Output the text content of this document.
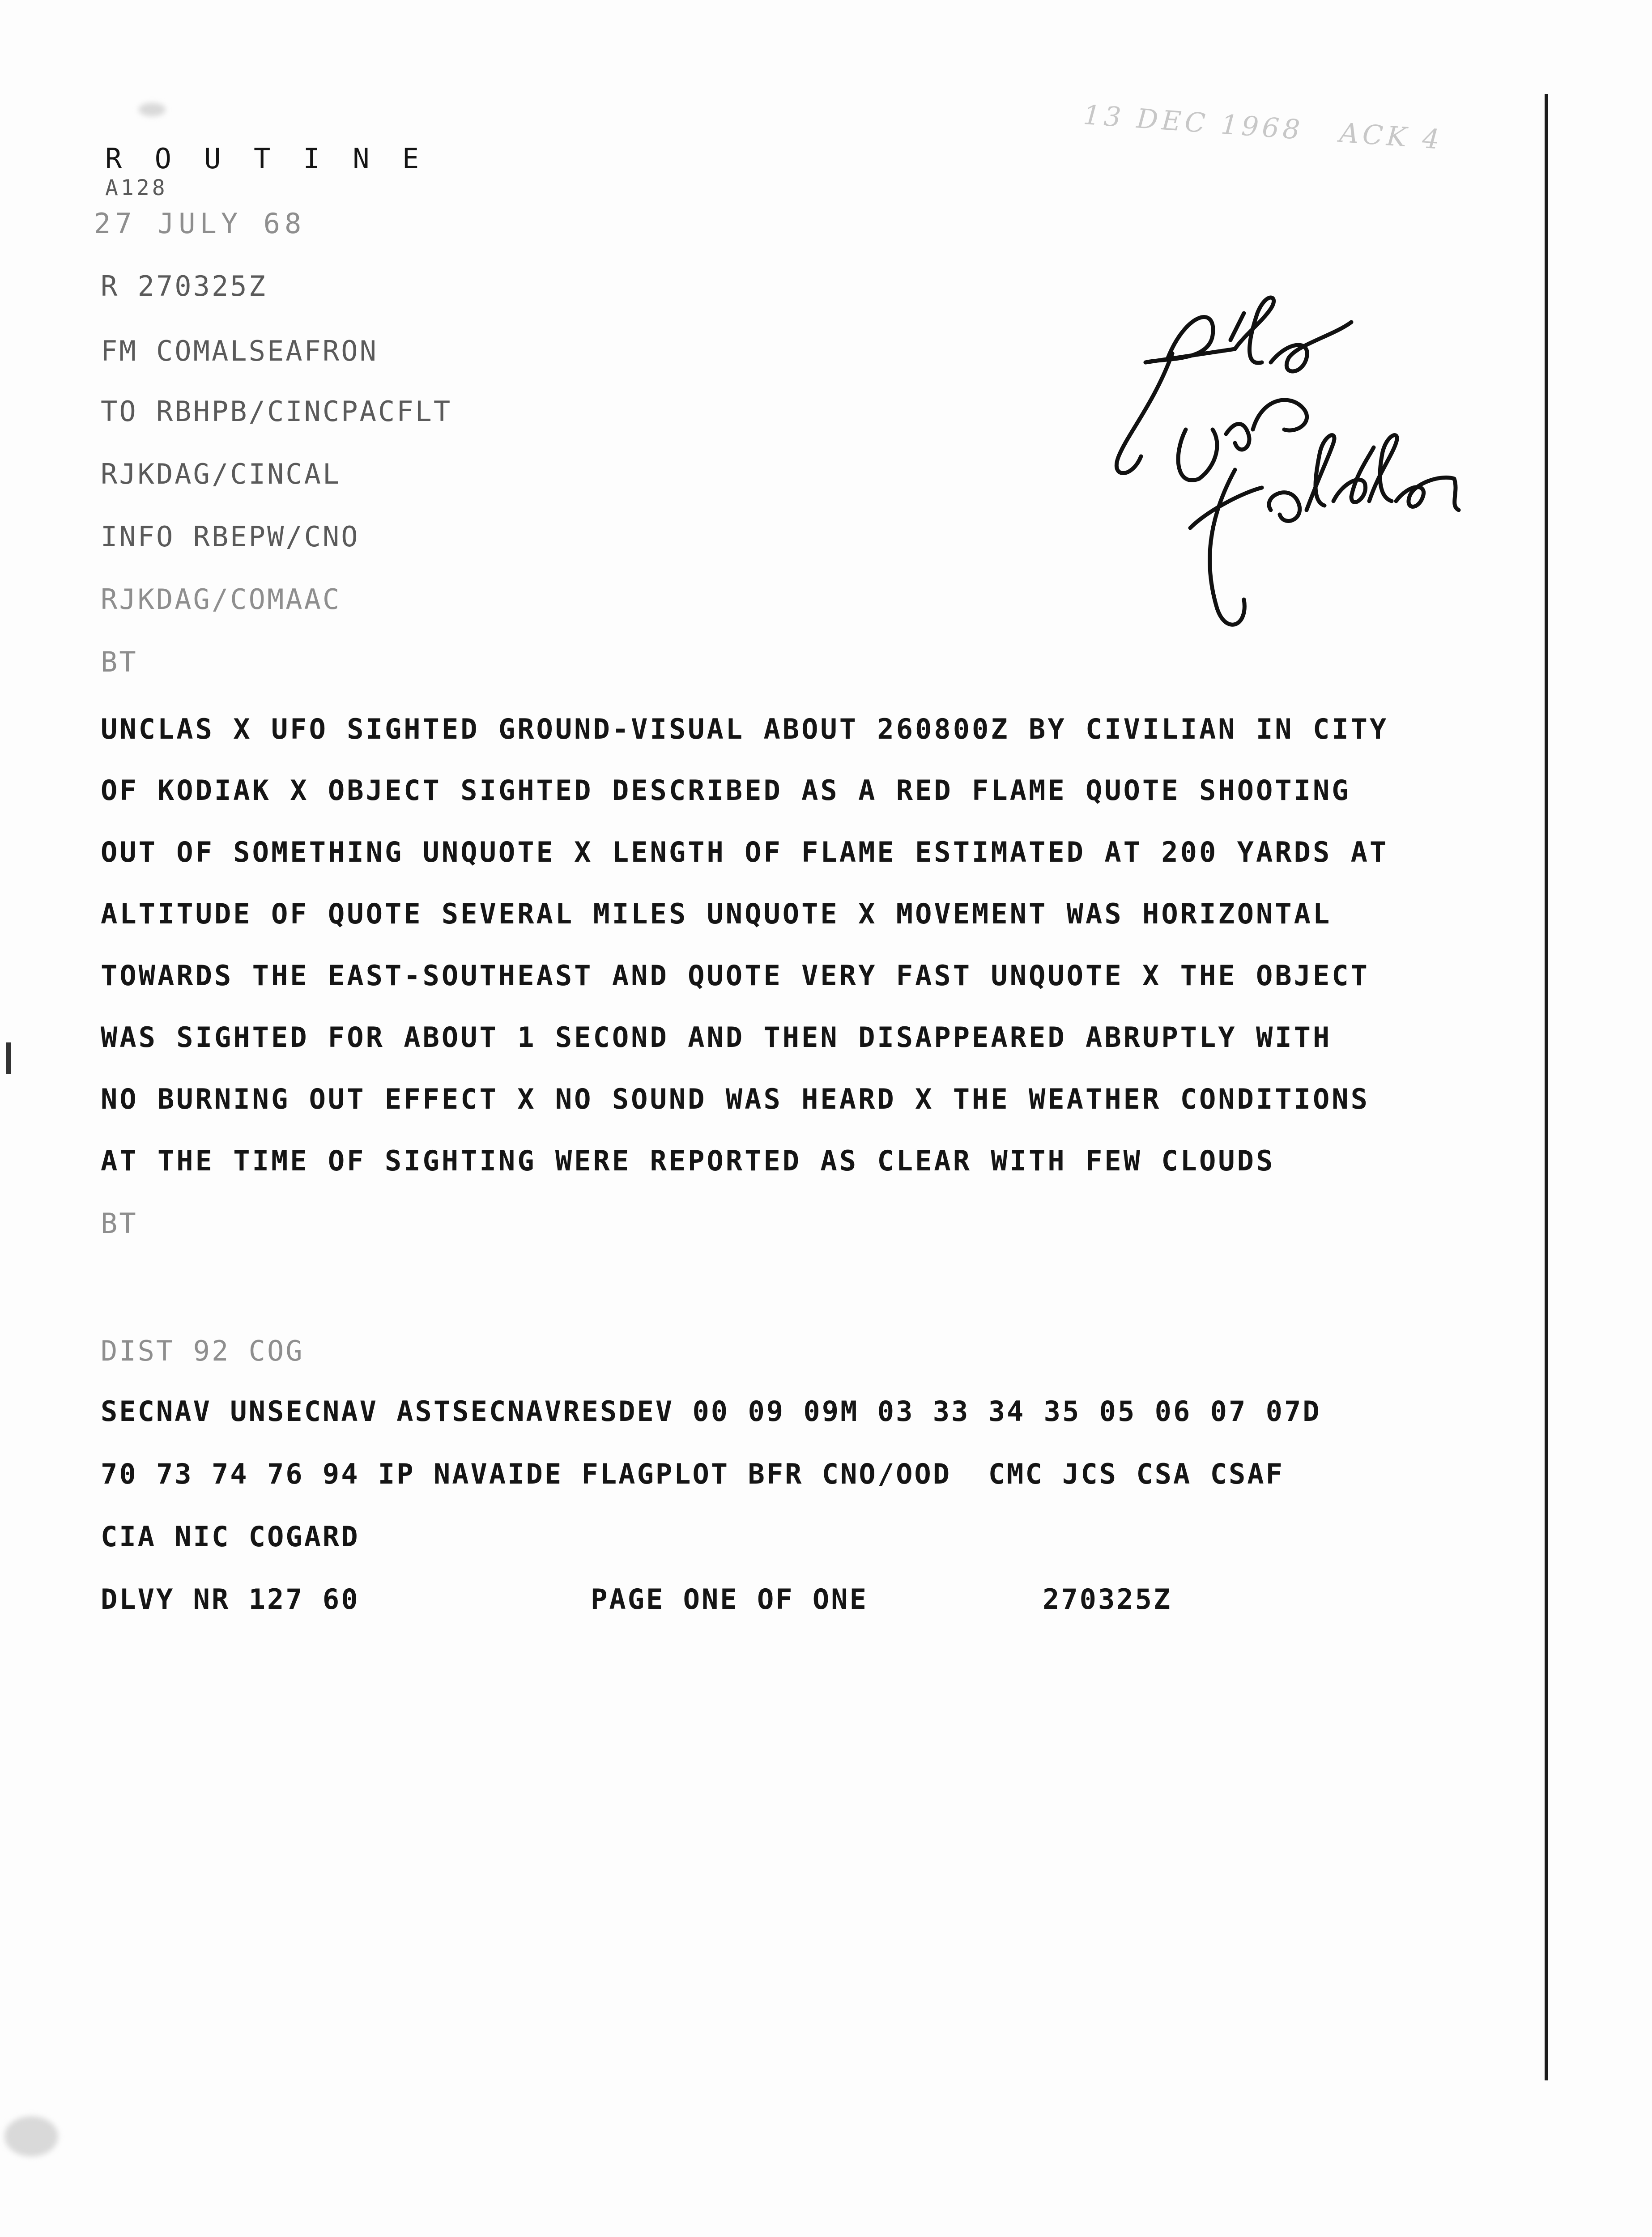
13 DEC 1968   ACK 4
R O U T I N E
A128
27 JULY 68
R 270325Z
FM COMALSEAFRON
TO RBHPB/CINCPACFLT
RJKDAG/CINCAL
INFO RBEPW/CNO
RJKDAG/COMAAC
BT
UNCLAS X UFO SIGHTED GROUND-VISUAL ABOUT 260800Z BY CIVILIAN IN CITY
OF KODIAK X OBJECT SIGHTED DESCRIBED AS A RED FLAME QUOTE SHOOTING
OUT OF SOMETHING UNQUOTE X LENGTH OF FLAME ESTIMATED AT 200 YARDS AT
ALTITUDE OF QUOTE SEVERAL MILES UNQUOTE X MOVEMENT WAS HORIZONTAL
TOWARDS THE EAST-SOUTHEAST AND QUOTE VERY FAST UNQUOTE X THE OBJECT
WAS SIGHTED FOR ABOUT 1 SECOND AND THEN DISAPPEARED ABRUPTLY WITH
NO BURNING OUT EFFECT X NO SOUND WAS HEARD X THE WEATHER CONDITIONS
AT THE TIME OF SIGHTING WERE REPORTED AS CLEAR WITH FEW CLOUDS
BT
DIST 92 COG
SECNAV UNSECNAV ASTSECNAVRESDEV 00 09 09M 03 33 34 35 05 06 07 07D
70 73 74 76 94 IP NAVAIDE FLAGPLOT BFR CNO/OOD  CMC JCS CSA CSAF
CIA NIC COGARD
DLVY NR 127 60	PAGE ONE OF ONE	270325Z
